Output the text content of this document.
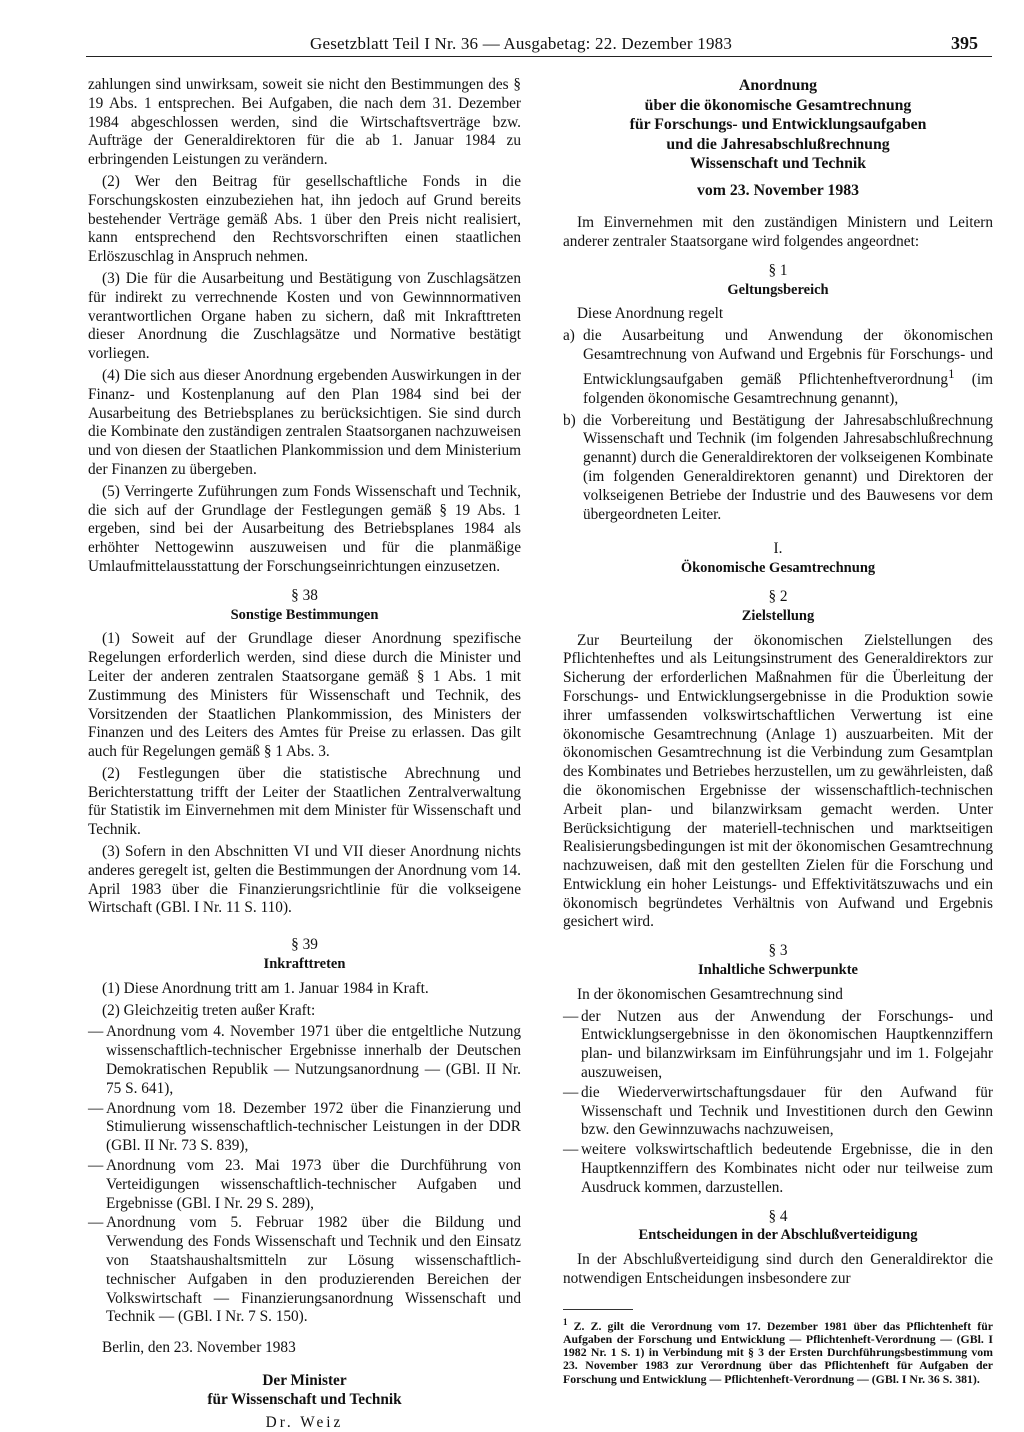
Gesetzblatt Teil I Nr. 36 — Ausgabetag: 22. Dezember 1983	395

zahlungen sind unwirksam, soweit sie nicht den Bestimmungen des § 19 Abs. 1 entsprechen. Bei Aufgaben, die nach dem 31. Dezember 1984 abgeschlossen werden, sind die Wirtschaftsverträge bzw. Aufträge der Generaldirektoren für die ab 1. Januar 1984 zu erbringenden Leistungen zu verändern.

(2) Wer den Beitrag für gesellschaftliche Fonds in die Forschungskosten einzubeziehen hat, ihn jedoch auf Grund bereits bestehender Verträge gemäß Abs. 1 über den Preis nicht realisiert, kann entsprechend den Rechtsvorschriften einen staatlichen Erlöszuschlag in Anspruch nehmen.

(3) Die für die Ausarbeitung und Bestätigung von Zuschlagsätzen für indirekt zu verrechnende Kosten und von Gewinnnormativen verantwortlichen Organe haben zu sichern, daß mit Inkrafttreten dieser Anordnung die Zuschlagsätze und Normative bestätigt vorliegen.

(4) Die sich aus dieser Anordnung ergebenden Auswirkungen in der Finanz- und Kostenplanung auf den Plan 1984 sind bei der Ausarbeitung des Betriebsplanes zu berücksichtigen. Sie sind durch die Kombinate den zuständigen zentralen Staatsorganen nachzuweisen und von diesen der Staatlichen Plankommission und dem Ministerium der Finanzen zu übergeben.

(5) Verringerte Zuführungen zum Fonds Wissenschaft und Technik, die sich auf der Grundlage der Festlegungen gemäß § 19 Abs. 1 ergeben, sind bei der Ausarbeitung des Betriebsplanes 1984 als erhöhter Nettogewinn auszuweisen und für die planmäßige Umlaufmittelausstattung der Forschungseinrichtungen einzusetzen.

§ 38
Sonstige Bestimmungen

(1) Soweit auf der Grundlage dieser Anordnung spezifische Regelungen erforderlich werden, sind diese durch die Minister und Leiter der anderen zentralen Staatsorgane gemäß § 1 Abs. 1 mit Zustimmung des Ministers für Wissenschaft und Technik, des Vorsitzenden der Staatlichen Plankommission, des Ministers der Finanzen und des Leiters des Amtes für Preise zu erlassen. Das gilt auch für Regelungen gemäß § 1 Abs. 3.

(2) Festlegungen über die statistische Abrechnung und Berichterstattung trifft der Leiter der Staatlichen Zentralverwaltung für Statistik im Einvernehmen mit dem Minister für Wissenschaft und Technik.

(3) Sofern in den Abschnitten VI und VII dieser Anordnung nichts anderes geregelt ist, gelten die Bestimmungen der Anordnung vom 14. April 1983 über die Finanzierungsrichtlinie für die volkseigene Wirtschaft (GBl. I Nr. 11 S. 110).

§ 39
Inkrafttreten

(1) Diese Anordnung tritt am 1. Januar 1984 in Kraft.

(2) Gleichzeitig treten außer Kraft:

— Anordnung vom 4. November 1971 über die entgeltliche Nutzung wissenschaftlich-technischer Ergebnisse innerhalb der Deutschen Demokratischen Republik — Nutzungsanordnung — (GBl. II Nr. 75 S. 641),
— Anordnung vom 18. Dezember 1972 über die Finanzierung und Stimulierung wissenschaftlich-technischer Leistungen in der DDR (GBl. II Nr. 73 S. 839),
— Anordnung vom 23. Mai 1973 über die Durchführung von Verteidigungen wissenschaftlich-technischer Aufgaben und Ergebnisse (GBl. I Nr. 29 S. 289),
— Anordnung vom 5. Februar 1982 über die Bildung und Verwendung des Fonds Wissenschaft und Technik und den Einsatz von Staatshaushaltsmitteln zur Lösung wissenschaftlich-technischer Aufgaben in den produzierenden Bereichen der Volkswirtschaft — Finanzierungsanordnung Wissenschaft und Technik — (GBl. I Nr. 7 S. 150).

Berlin, den 23. November 1983

Der Minister

für Wissenschaft und Technik

Dr. Weiz

Anordnung

über die ökonomische Gesamtrechnung

für Forschungs- und Entwicklungsaufgaben

und die Jahresabschlußrechnung

Wissenschaft und Technik

vom 23. November 1983

Im Einvernehmen mit den zuständigen Ministern und Leitern anderer zentraler Staatsorgane wird folgendes angeordnet:

§ 1
Geltungsbereich

Diese Anordnung regelt

a) die Ausarbeitung und Anwendung der ökonomischen Gesamtrechnung von Aufwand und Ergebnis für Forschungs- und Entwicklungsaufgaben gemäß Pflichtenheftverordnung$^1$ (im folgenden ökonomische Gesamtrechnung genannt),
b) die Vorbereitung und Bestätigung der Jahresabschlußrechnung Wissenschaft und Technik (im folgenden Jahresabschlußrechnung genannt) durch die Generaldirektoren der volkseigenen Kombinate (im folgenden Generaldirektoren genannt) und Direktoren der volkseigenen Betriebe der Industrie und des Bauwesens vor dem übergeordneten Leiter.
I.
Ökonomische Gesamtrechnung
§ 2
Zielstellung

Zur Beurteilung der ökonomischen Zielstellungen des Pflichtenheftes und als Leitungsinstrument des Generaldirektors zur Sicherung der erforderlichen Maßnahmen für die Überleitung der Forschungs- und Entwicklungsergebnisse in die Produktion sowie ihrer umfassenden volkswirtschaftlichen Verwertung ist eine ökonomische Gesamtrechnung (Anlage 1) auszuarbeiten. Mit der ökonomischen Gesamtrechnung ist die Verbindung zum Gesamtplan des Kombinates und Betriebes herzustellen, um zu gewährleisten, daß die ökonomischen Ergebnisse der wissenschaftlich-technischen Arbeit plan- und bilanzwirksam gemacht werden. Unter Berücksichtigung der materiell-technischen und marktseitigen Realisierungsbedingungen ist mit der ökonomischen Gesamtrechnung nachzuweisen, daß mit den gestellten Zielen für die Forschung und Entwicklung ein hoher Leistungs- und Effektivitätszuwachs und ein ökonomisch begründetes Verhältnis von Aufwand und Ergebnis gesichert wird.

§ 3
Inhaltliche Schwerpunkte

In der ökonomischen Gesamtrechnung sind

— der Nutzen aus der Anwendung der Forschungs- und Entwicklungsergebnisse in den ökonomischen Hauptkennziffern plan- und bilanzwirksam im Einführungsjahr und im 1. Folgejahr auszuweisen,
— die Wiederverwirtschaftungsdauer für den Aufwand für Wissenschaft und Technik und Investitionen durch den Gewinn bzw. den Gewinnzuwachs nachzuweisen,
— weitere volkswirtschaftlich bedeutende Ergebnisse, die in den Hauptkennziffern des Kombinates nicht oder nur teilweise zum Ausdruck kommen, darzustellen.
§ 4
Entscheidungen in der Abschlußverteidigung

In der Abschlußverteidigung sind durch den Generaldirektor die notwendigen Entscheidungen insbesondere zur

$^1$ Z. Z. gilt die Verordnung vom 17. Dezember 1981 über das Pflichtenheft für Aufgaben der Forschung und Entwicklung — Pflichtenheft-Verordnung — (GBl. I 1982 Nr. 1 S. 1) in Verbindung mit § 3 der Ersten Durchführungsbestimmung vom 23. November 1983 zur Verordnung über das Pflichtenheft für Aufgaben der Forschung und Entwicklung — Pflichtenheft-Verordnung — (GBl. I Nr. 36 S. 381).
